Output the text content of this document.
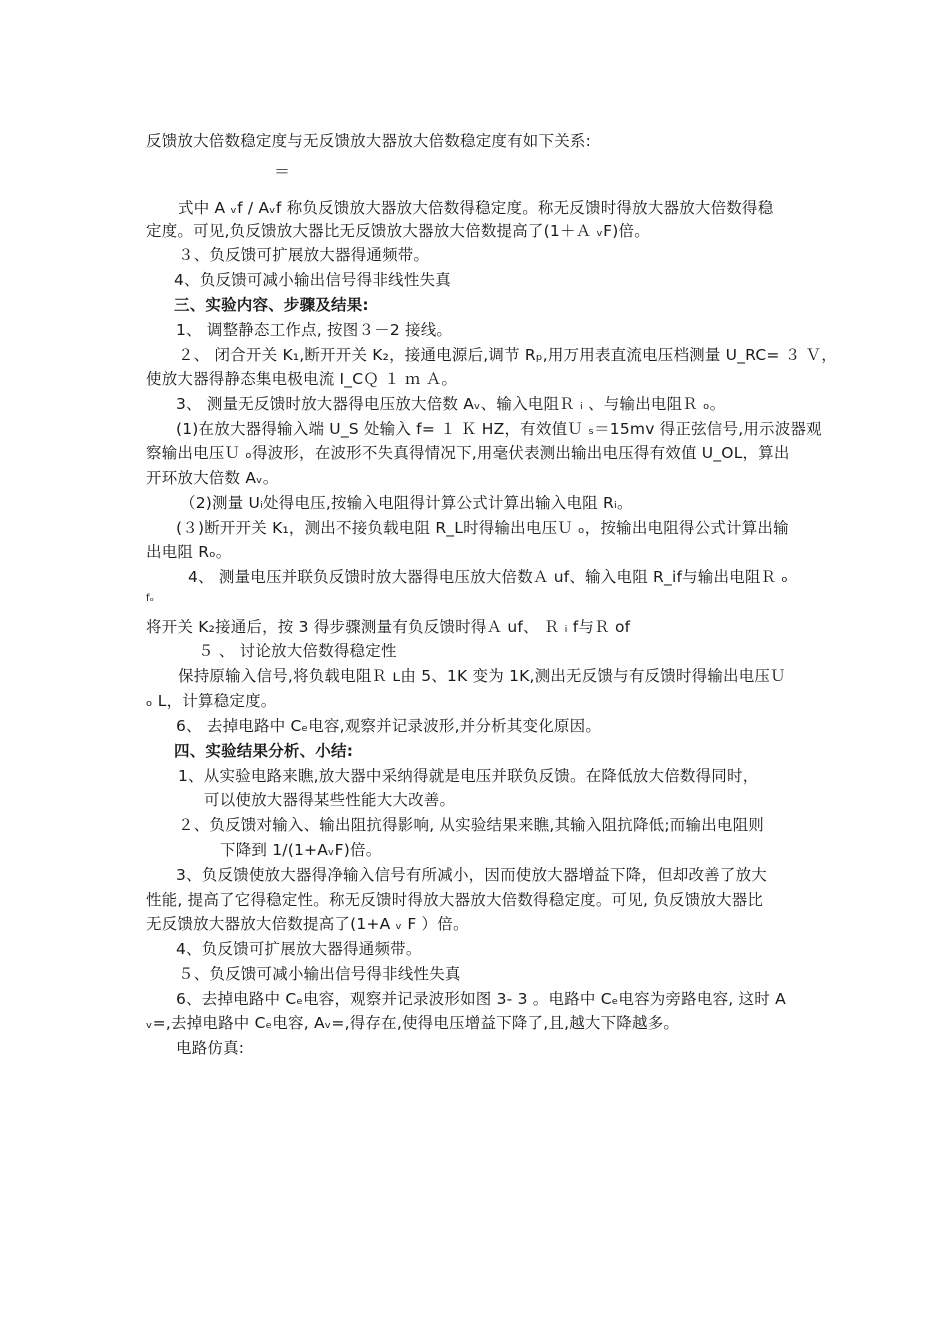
反馈放大倍数稳定度与无反馈放大器放大倍数稳定度有如下关系:
＝
式中 A ᵥf / Aᵥf 称负反馈放大器放大倍数得稳定度。称无反馈时得放大器放大倍数得稳
定度。可见,负反馈放大器比无反馈放大器放大倍数提高了(1＋Ａ ᵥF)倍。
３、负反馈可扩展放大器得通频带。
4、负反馈可减小输出信号得非线性失真
三、实验内容、步骤及结果:
1、 调整静态工作点, 按图３－2 接线。
２、 闭合开关 K₁,断开开关 K₂，接通电源后,调节 Rₚ,用万用表直流电压档测量 U_RC= ３ Ｖ，
使放大器得静态集电极电流 I_CＱ １ ｍ Ａ。
3、 测量无反馈时放大器得电压放大倍数 Aᵥ、输入电阻Ｒ ᵢ 、与输出电阻Ｒ ₒ。
(1)在放大器得输入端 U_S 处输入 f= １ Ｋ HZ，有效值Ｕ ₛ＝15mv 得正弦信号,用示波器观
察输出电压Ｕ ₒ得波形，在波形不失真得情况下,用毫伏表测出输出电压得有效值 U_OL，算出
开环放大倍数 Aᵥ。
（2)测量 Uᵢ处得电压,按输入电阻得计算公式计算出输入电阻 Rᵢ。
(３)断开开关 K₁，测出不接负载电阻 R_L时得输出电压Ｕ ₒ，按输出电阻得公式计算出输
出电阻 Rₒ。
4、 测量电压并联负反馈时放大器得电压放大倍数Ａ uf、输入电阻 R_if与输出电阻Ｒ ₒ
fₒ
将开关 K₂接通后，按 3 得步骤测量有负反馈时得Ａ uf、 Ｒ ᵢ f与Ｒ of
５ 、 讨论放大倍数得稳定性
保持原输入信号,将负载电阻Ｒ ʟ由 5、1K 变为 1K,测出无反馈与有反馈时得输出电压Ｕ
ₒ L，计算稳定度。
6、 去掉电路中 Cₑ电容,观察并记录波形,并分析其变化原因。
四、实验结果分析、小结:
1、从实验电路来瞧,放大器中采纳得就是电压并联负反馈。在降低放大倍数得同时，
可以使放大器得某些性能大大改善。
２、负反馈对输入、输出阻抗得影响, 从实验结果来瞧,其输入阻抗降低;而输出电阻则
下降到 1/(1+AᵥF)倍。
3、负反馈使放大器得净输入信号有所减小，因而使放大器增益下降，但却改善了放大
性能, 提高了它得稳定性。称无反馈时得放大器放大倍数得稳定度。可见, 负反馈放大器比
无反馈放大器放大倍数提高了(1+A ᵥ F ）倍。
4、负反馈可扩展放大器得通频带。
５、负反馈可减小输出信号得非线性失真
6、去掉电路中 Cₑ电容，观察并记录波形如图 3- 3 。电路中 Cₑ电容为旁路电容, 这时 A
ᵥ=,去掉电路中 Cₑ电容, Aᵥ=,得存在,使得电压增益下降了,且,越大下降越多。
电路仿真:
